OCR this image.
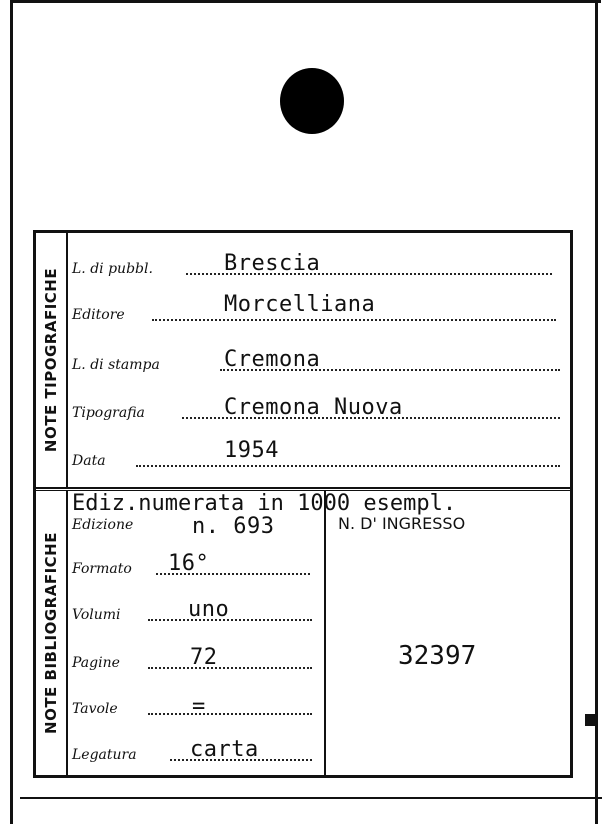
NOTE TIPOGRAFICHE
NOTE BIBLIOGRAFICHE
L. di pubbl.	Brescia
Editore	Morcelliana
L. di stampa	Cremona
Tipografia	Cremona Nuova
Data	1954
Ediz.numerata in 1000 esempl.
Edizione	n. 693
Formato 16°
Volumi	uno
Pagine	72
Tavole	=
Legatura carta
N. D' INGRESSO
32397
